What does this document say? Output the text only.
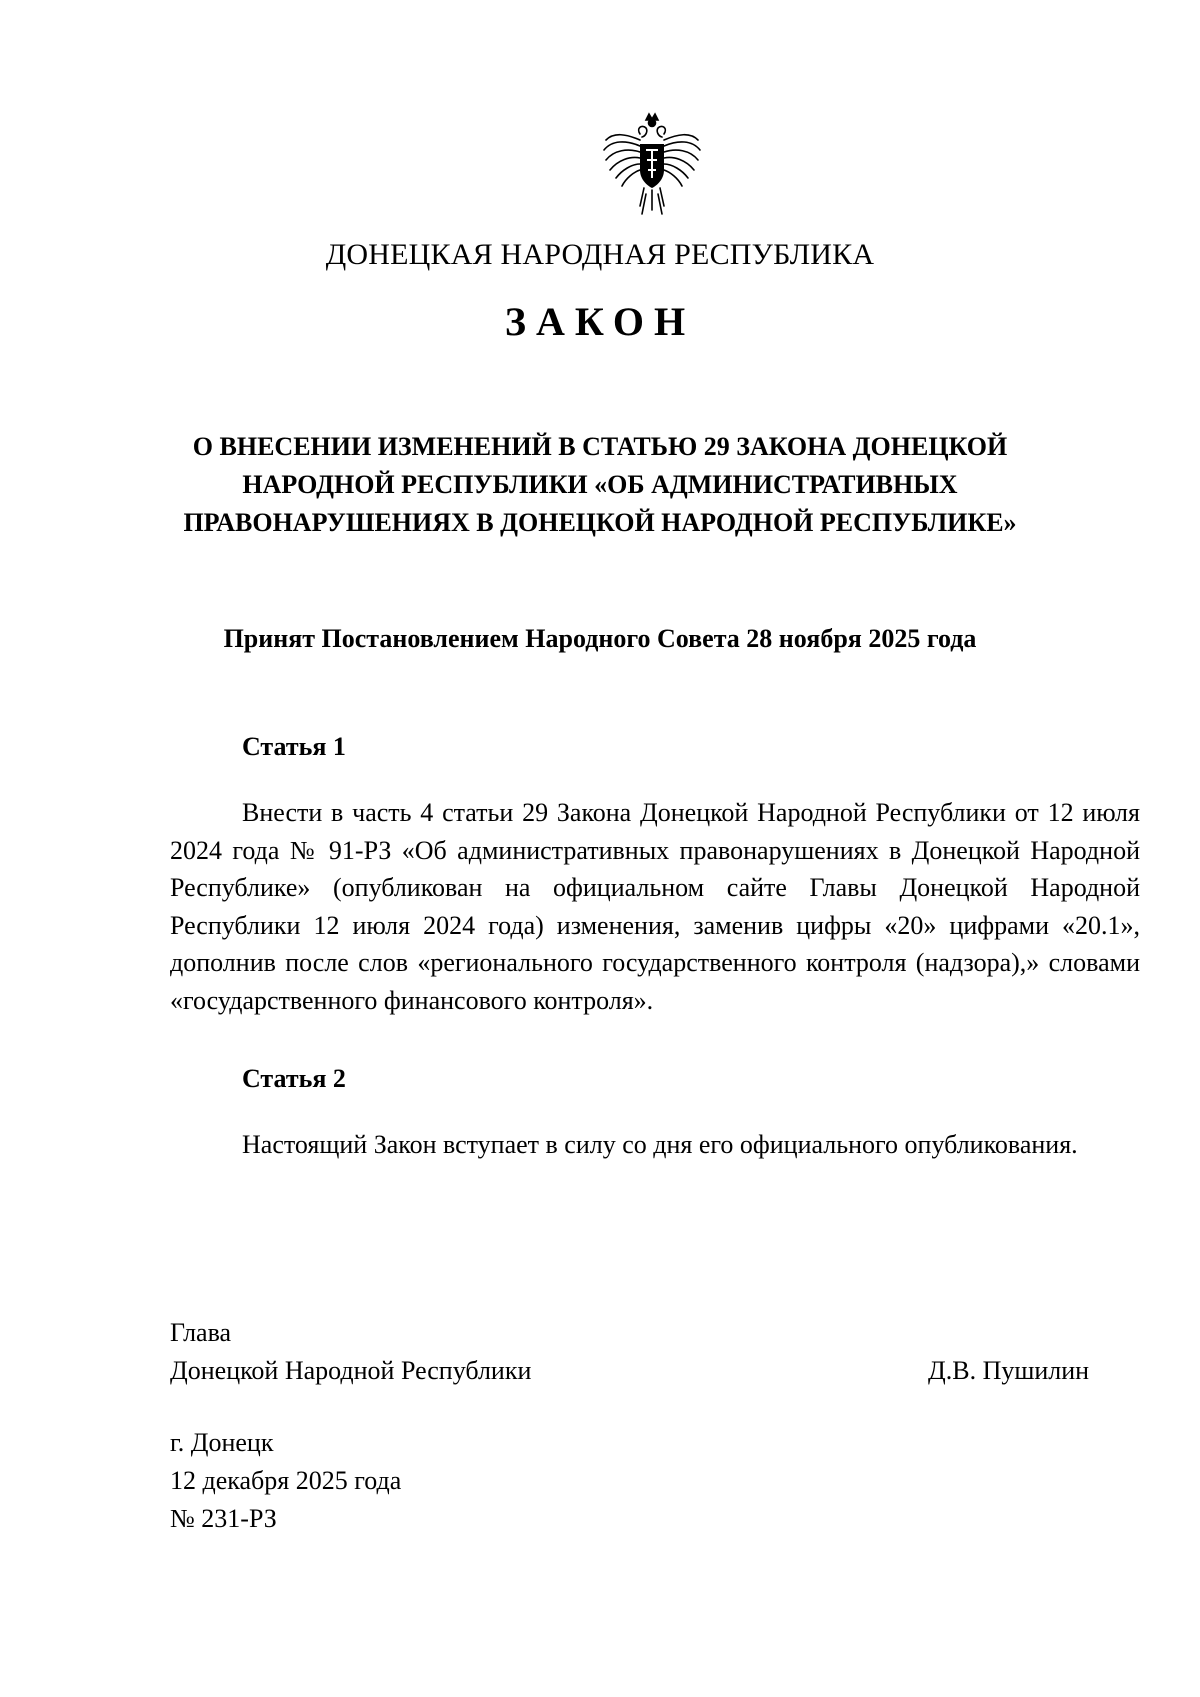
ДОНЕЦКАЯ НАРОДНАЯ РЕСПУБЛИКА
ЗАКОН
О ВНЕСЕНИИ ИЗМЕНЕНИЙ В СТАТЬЮ 29 ЗАКОНА ДОНЕЦКОЙ
НАРОДНОЙ РЕСПУБЛИКИ «ОБ АДМИНИСТРАТИВНЫХ
ПРАВОНАРУШЕНИЯХ В ДОНЕЦКОЙ НАРОДНОЙ РЕСПУБЛИКЕ»
Принят Постановлением Народного Совета 28 ноября 2025 года
Статья 1
Внести в часть 4 статьи 29 Закона Донецкой Народной Республики от 12 июля 2024 года № 91-РЗ «Об административных правонарушениях в Донецкой Народной Республике» (опубликован на официальном сайте Главы Донецкой Народной Республики 12 июля 2024 года) изменения, заменив цифры «20» цифрами «20.1», дополнив после слов «регионального государственного контроля (надзора),» словами «государственного финансового контроля».
Статья 2
Настоящий Закон вступает в силу со дня его официального опубликования.
Глава
Донецкой Народной Республики	Д.В. Пушилин
г. Донецк
12 декабря 2025 года
№ 231-РЗ
